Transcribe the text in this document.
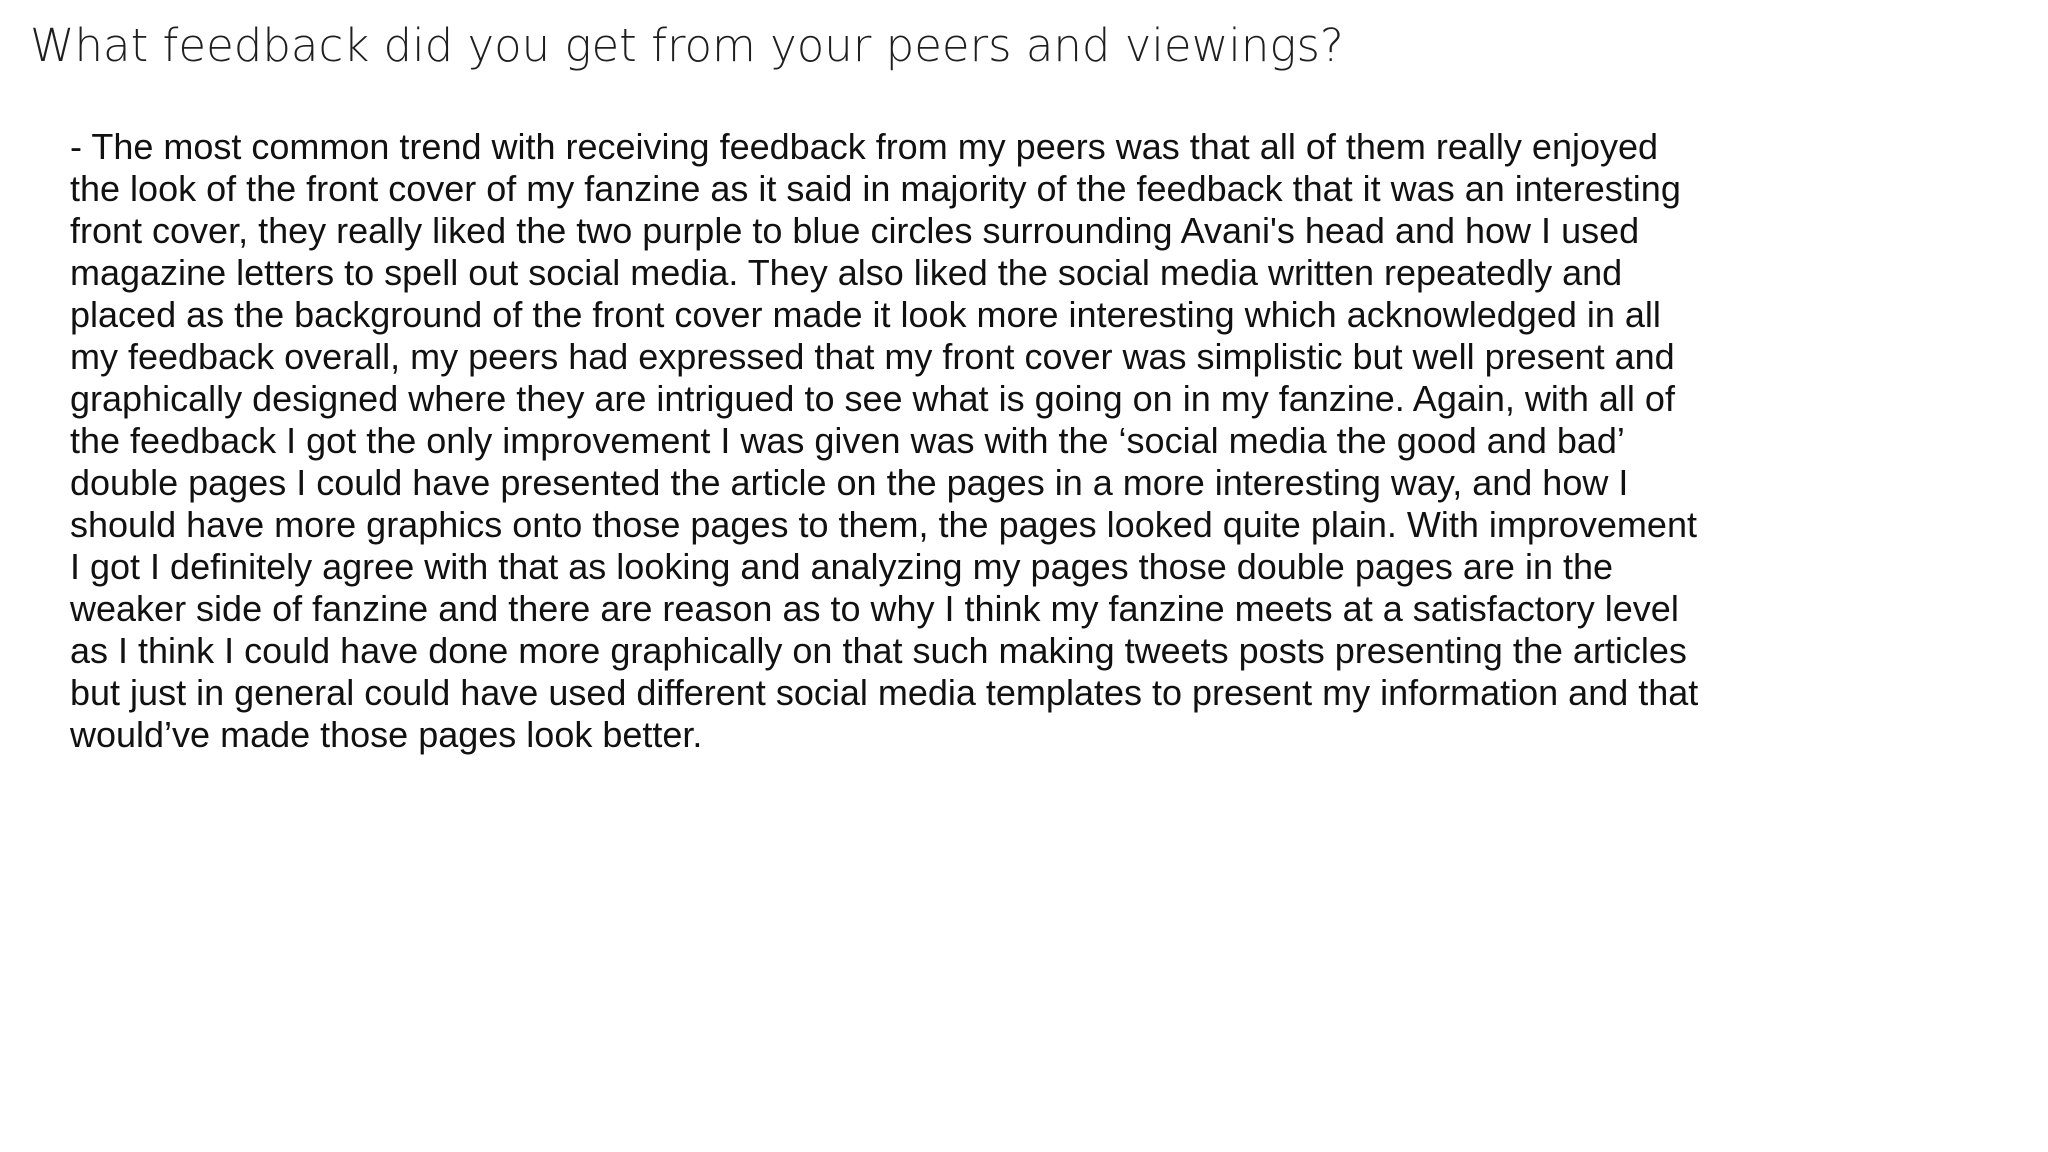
What feedback did you get from your peers and viewings?
- The most common trend with receiving feedback from my peers was that all of them really enjoyed
the look of the front cover of my fanzine as it said in majority of the feedback that it was an interesting
front cover, they really liked the two purple to blue circles surrounding Avani's head and how I used
magazine letters to spell out social media. They also liked the social media written repeatedly and
placed as the background of the front cover made it look more interesting which acknowledged in all
my feedback overall, my peers had expressed that my front cover was simplistic but well present and
graphically designed where they are intrigued to see what is going on in my fanzine. Again, with all of
the feedback I got the only improvement I was given was with the ‘social media the good and bad’
double pages I could have presented the article on the pages in a more interesting way, and how I
should have more graphics onto those pages to them, the pages looked quite plain. With improvement
I got I definitely agree with that as looking and analyzing my pages those double pages are in the
weaker side of fanzine and there are reason as to why I think my fanzine meets at a satisfactory level
as I think I could have done more graphically on that such making tweets posts presenting the articles
but just in general could have used different social media templates to present my information and that
would’ve made those pages look better.
